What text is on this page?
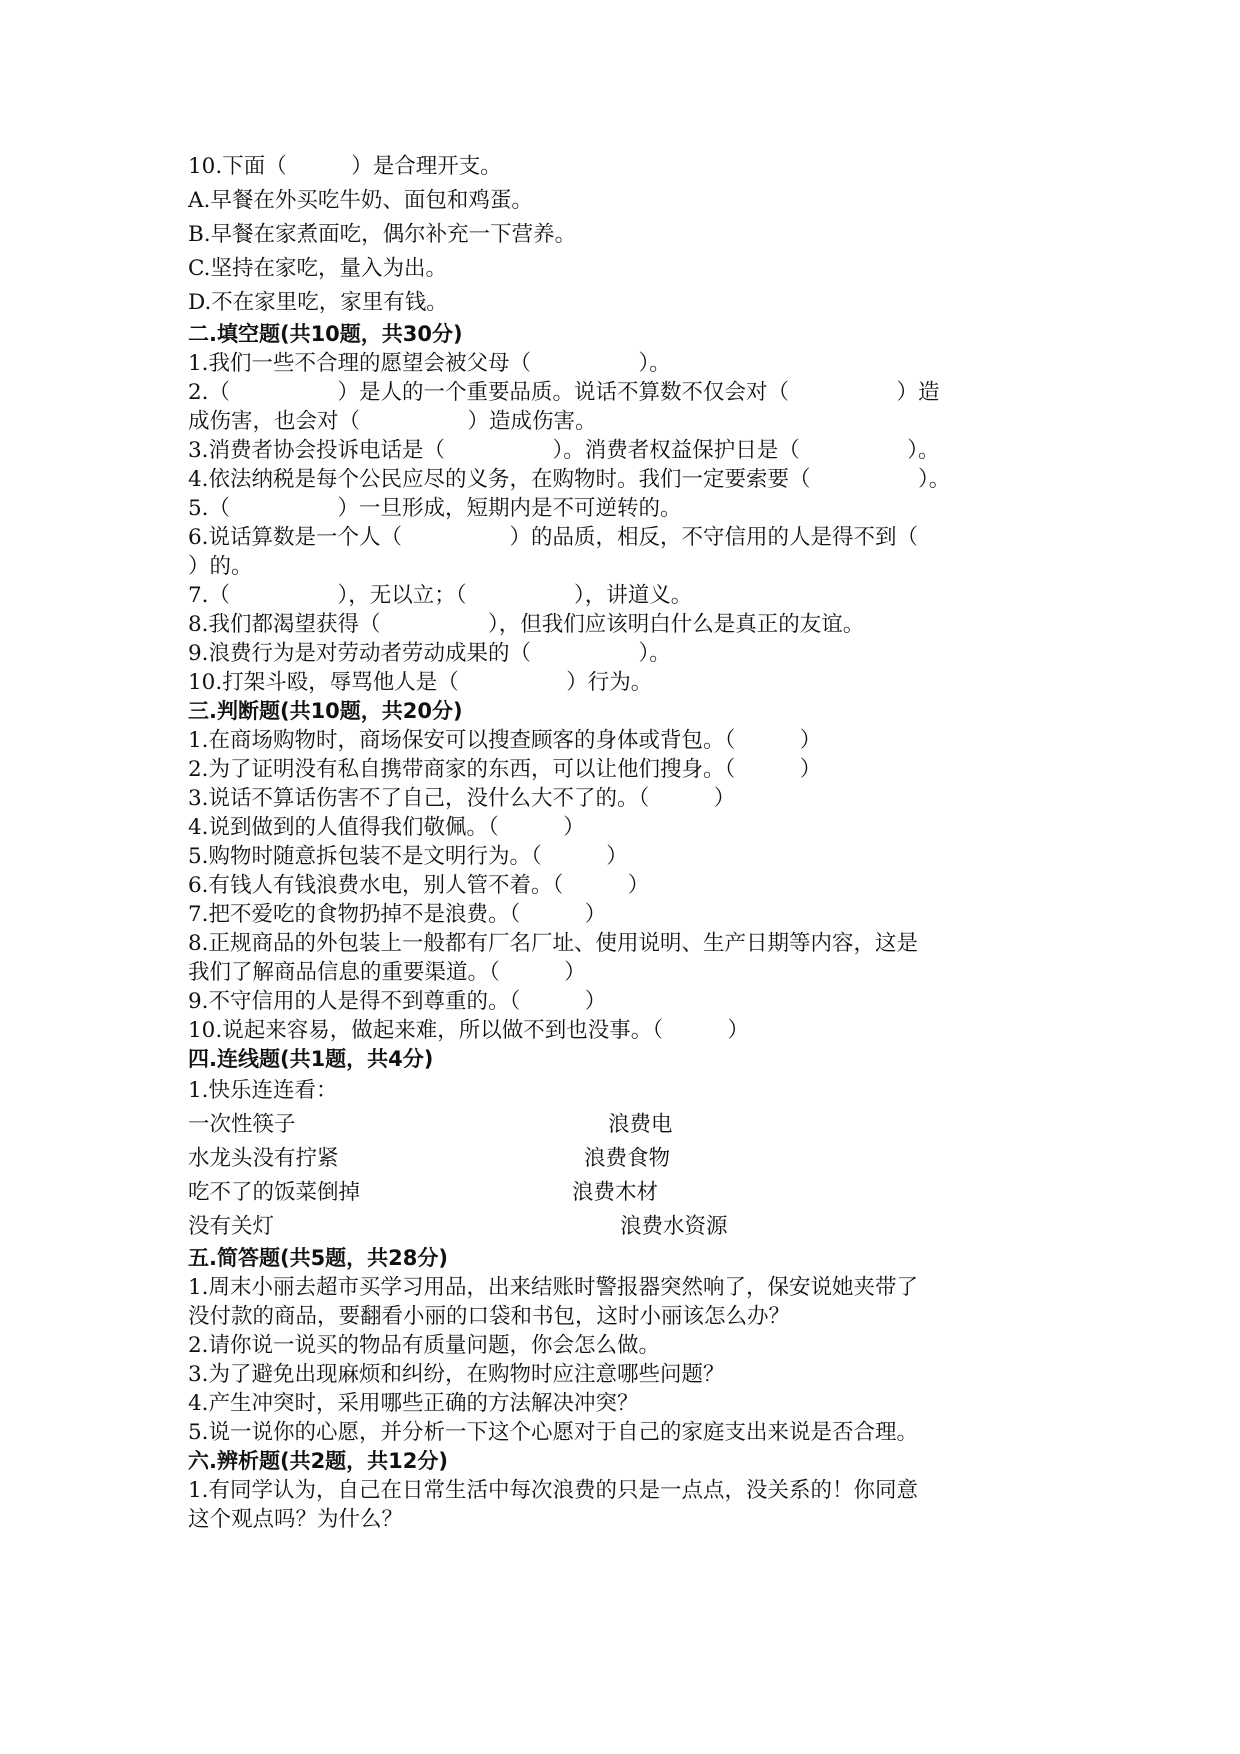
10.下面（　　　）是合理开支。
A.早餐在外买吃牛奶、面包和鸡蛋。
B.早餐在家煮面吃，偶尔补充一下营养。
C.坚持在家吃，量入为出。
D.不在家里吃，家里有钱。
二.填空题(共10题，共30分)
1.我们一些不合理的愿望会被父母（　　　　　）。
2.（　　　　　）是人的一个重要品质。说话不算数不仅会对（　　　　　）造
成伤害，也会对（　　　　　）造成伤害。
3.消费者协会投诉电话是（　　　　　）。消费者权益保护日是（　　　　　）。
4.依法纳税是每个公民应尽的义务，在购物时。我们一定要索要（　　　　　）。
5.（　　　　　）一旦形成，短期内是不可逆转的。
6.说话算数是一个人（　　　　　）的品质，相反，不守信用的人是得不到（
）的。
7.（　　　　　），无以立；（　　　　　），讲道义。
8.我们都渴望获得（　　　　　），但我们应该明白什么是真正的友谊。
9.浪费行为是对劳动者劳动成果的（　　　　　）。
10.打架斗殴，辱骂他人是（　　　　　）行为。
三.判断题(共10题，共20分)
1.在商场购物时，商场保安可以搜查顾客的身体或背包。（　　　）
2.为了证明没有私自携带商家的东西，可以让他们搜身。（　　　）
3.说话不算话伤害不了自己，没什么大不了的。（　　　）
4.说到做到的人值得我们敬佩。（　　　）
5.购物时随意拆包装不是文明行为。（　　　）
6.有钱人有钱浪费水电，别人管不着。（　　　）
7.把不爱吃的食物扔掉不是浪费。（　　　）
8.正规商品的外包装上一般都有厂名厂址、使用说明、生产日期等内容，这是
我们了解商品信息的重要渠道。（　　　）
9.不守信用的人是得不到尊重的。（　　　）
10.说起来容易，做起来难，所以做不到也没事。（　　　）
四.连线题(共1题，共4分)
1.快乐连连看：
一次性筷子	浪费电
水龙头没有拧紧	浪费食物
吃不了的饭菜倒掉	浪费木材
没有关灯	浪费水资源
五.简答题(共5题，共28分)
1.周末小丽去超市买学习用品，出来结账时警报器突然响了，保安说她夹带了
没付款的商品，要翻看小丽的口袋和书包，这时小丽该怎么办？
2.请你说一说买的物品有质量问题，你会怎么做。
3.为了避免出现麻烦和纠纷，在购物时应注意哪些问题？
4.产生冲突时，采用哪些正确的方法解决冲突？
5.说一说你的心愿，并分析一下这个心愿对于自己的家庭支出来说是否合理。
六.辨析题(共2题，共12分)
1.有同学认为，自己在日常生活中每次浪费的只是一点点，没关系的！你同意
这个观点吗？为什么？
